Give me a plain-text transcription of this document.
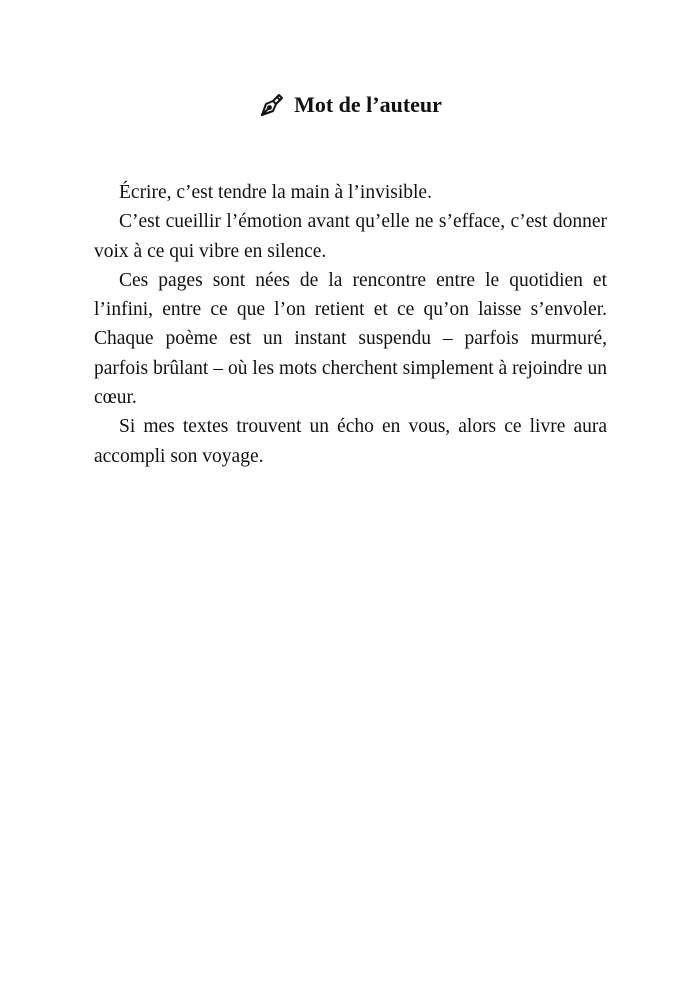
Mot de l’auteur

Écrire, c’est tendre la main à l’invisible.

C’est cueillir l’émotion avant qu’elle ne s’efface, c’est donner voix à ce qui vibre en silence.

Ces pages sont nées de la rencontre entre le quotidien et l’infini, entre ce que l’on retient et ce qu’on laisse s’envoler. Chaque poème est un instant suspendu – parfois murmuré, parfois brûlant – où les mots cherchent simplement à rejoindre un cœur.

Si mes textes trouvent un écho en vous, alors ce livre aura accompli son voyage.
